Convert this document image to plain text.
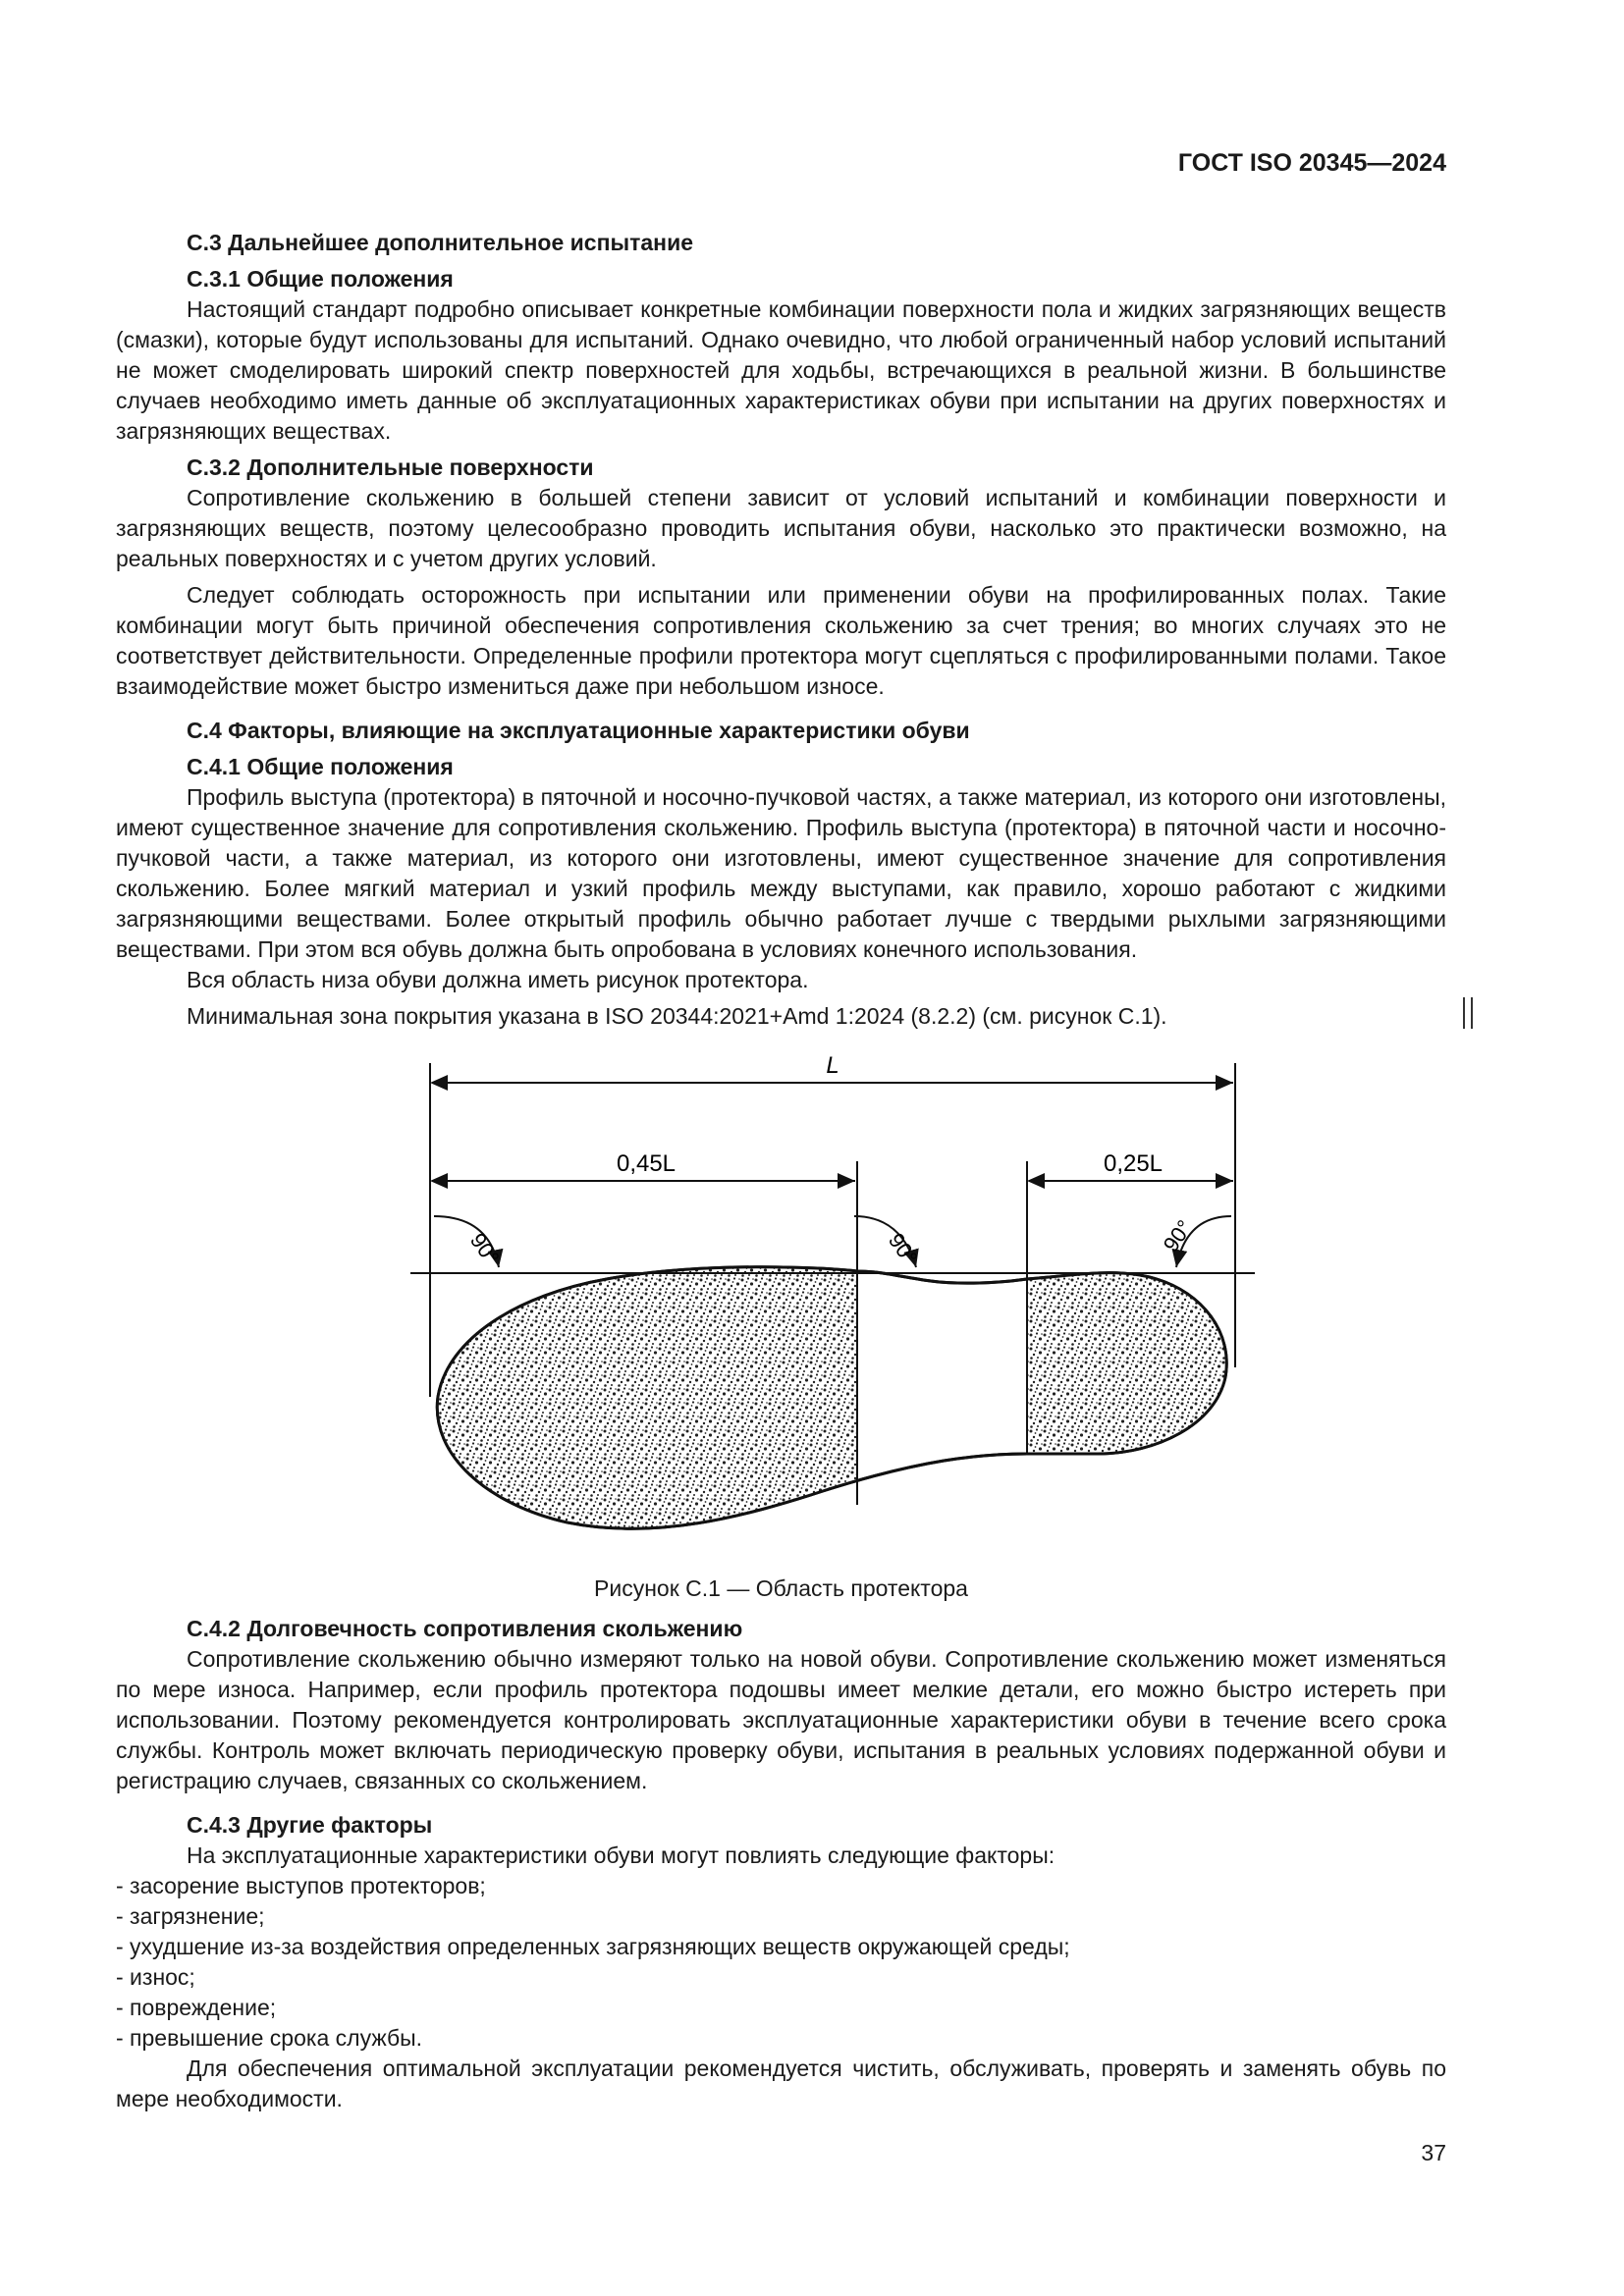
ГОСТ ISO 20345—2024
С.3 Дальнейшее дополнительное испытание
С.3.1 Общие положения

Настоящий стандарт подробно описывает конкретные комбинации поверхности пола и жидких загрязняющих веществ (смазки), которые будут использованы для испытаний. Однако очевидно, что любой ограниченный набор условий испытаний не может смоделировать широкий спектр поверхностей для ходьбы, встречающихся в реальной жизни. В большинстве случаев необходимо иметь данные об эксплуатационных характеристиках обуви при испытании на других поверхностях и загрязняющих веществах.

С.3.2 Дополнительные поверхности

Сопротивление скольжению в большей степени зависит от условий испытаний и комбинации поверхности и загрязняющих веществ, поэтому целесообразно проводить испытания обуви, насколько это практически возможно, на реальных поверхностях и с учетом других условий.

Следует соблюдать осторожность при испытании или применении обуви на профилированных полах. Такие комбинации могут быть причиной обеспечения сопротивления скольжению за счет трения; во многих случаях это не соответствует действительности. Определенные профили протектора могут сцепляться с профилированными полами. Такое взаимодействие может быстро измениться даже при небольшом износе.

С.4 Факторы, влияющие на эксплуатационные характеристики обуви
С.4.1 Общие положения

Профиль выступа (протектора) в пяточной и носочно-пучковой частях, а также материал, из которого они изготовлены, имеют существенное значение для сопротивления скольжению. Профиль выступа (протектора) в пяточной части и носочно-пучковой части, а также материал, из которого они изготовлены, имеют существенное значение для сопротивления скольжению. Более мягкий материал и узкий профиль между выступами, как правило, хорошо работают с жидкими загрязняющими веществами. Более открытый профиль обычно работает лучше с твердыми рыхлыми загрязняющими веществами. При этом вся обувь должна быть опробована в условиях конечного использования.

Вся область низа обуви должна иметь рисунок протектора.

Минимальная зона покрытия указана в ISO 20344:2021+Amd 1:2024 (8.2.2) (см. рисунок С.1).

L
0,45L	0,25L
90°	90°	90°

Рисунок С.1 — Область протектора

С.4.2 Долговечность сопротивления скольжению

Сопротивление скольжению обычно измеряют только на новой обуви. Сопротивление скольжению может изменяться по мере износа. Например, если профиль протектора подошвы имеет мелкие детали, его можно быстро истереть при использовании. Поэтому рекомендуется контролировать эксплуатационные характеристики обуви в течение всего срока службы. Контроль может включать периодическую проверку обуви, испытания в реальных условиях подержанной обуви и регистрацию случаев, связанных со скольжением.

С.4.3 Другие факторы

На эксплуатационные характеристики обуви могут повлиять следующие факторы:

- засорение выступов протекторов;
- загрязнение;
- ухудшение из-за воздействия определенных загрязняющих веществ окружающей среды;
- износ;
- повреждение;
- превышение срока службы.

Для обеспечения оптимальной эксплуатации рекомендуется чистить, обслуживать, проверять и заменять обувь по мере необходимости.

37
